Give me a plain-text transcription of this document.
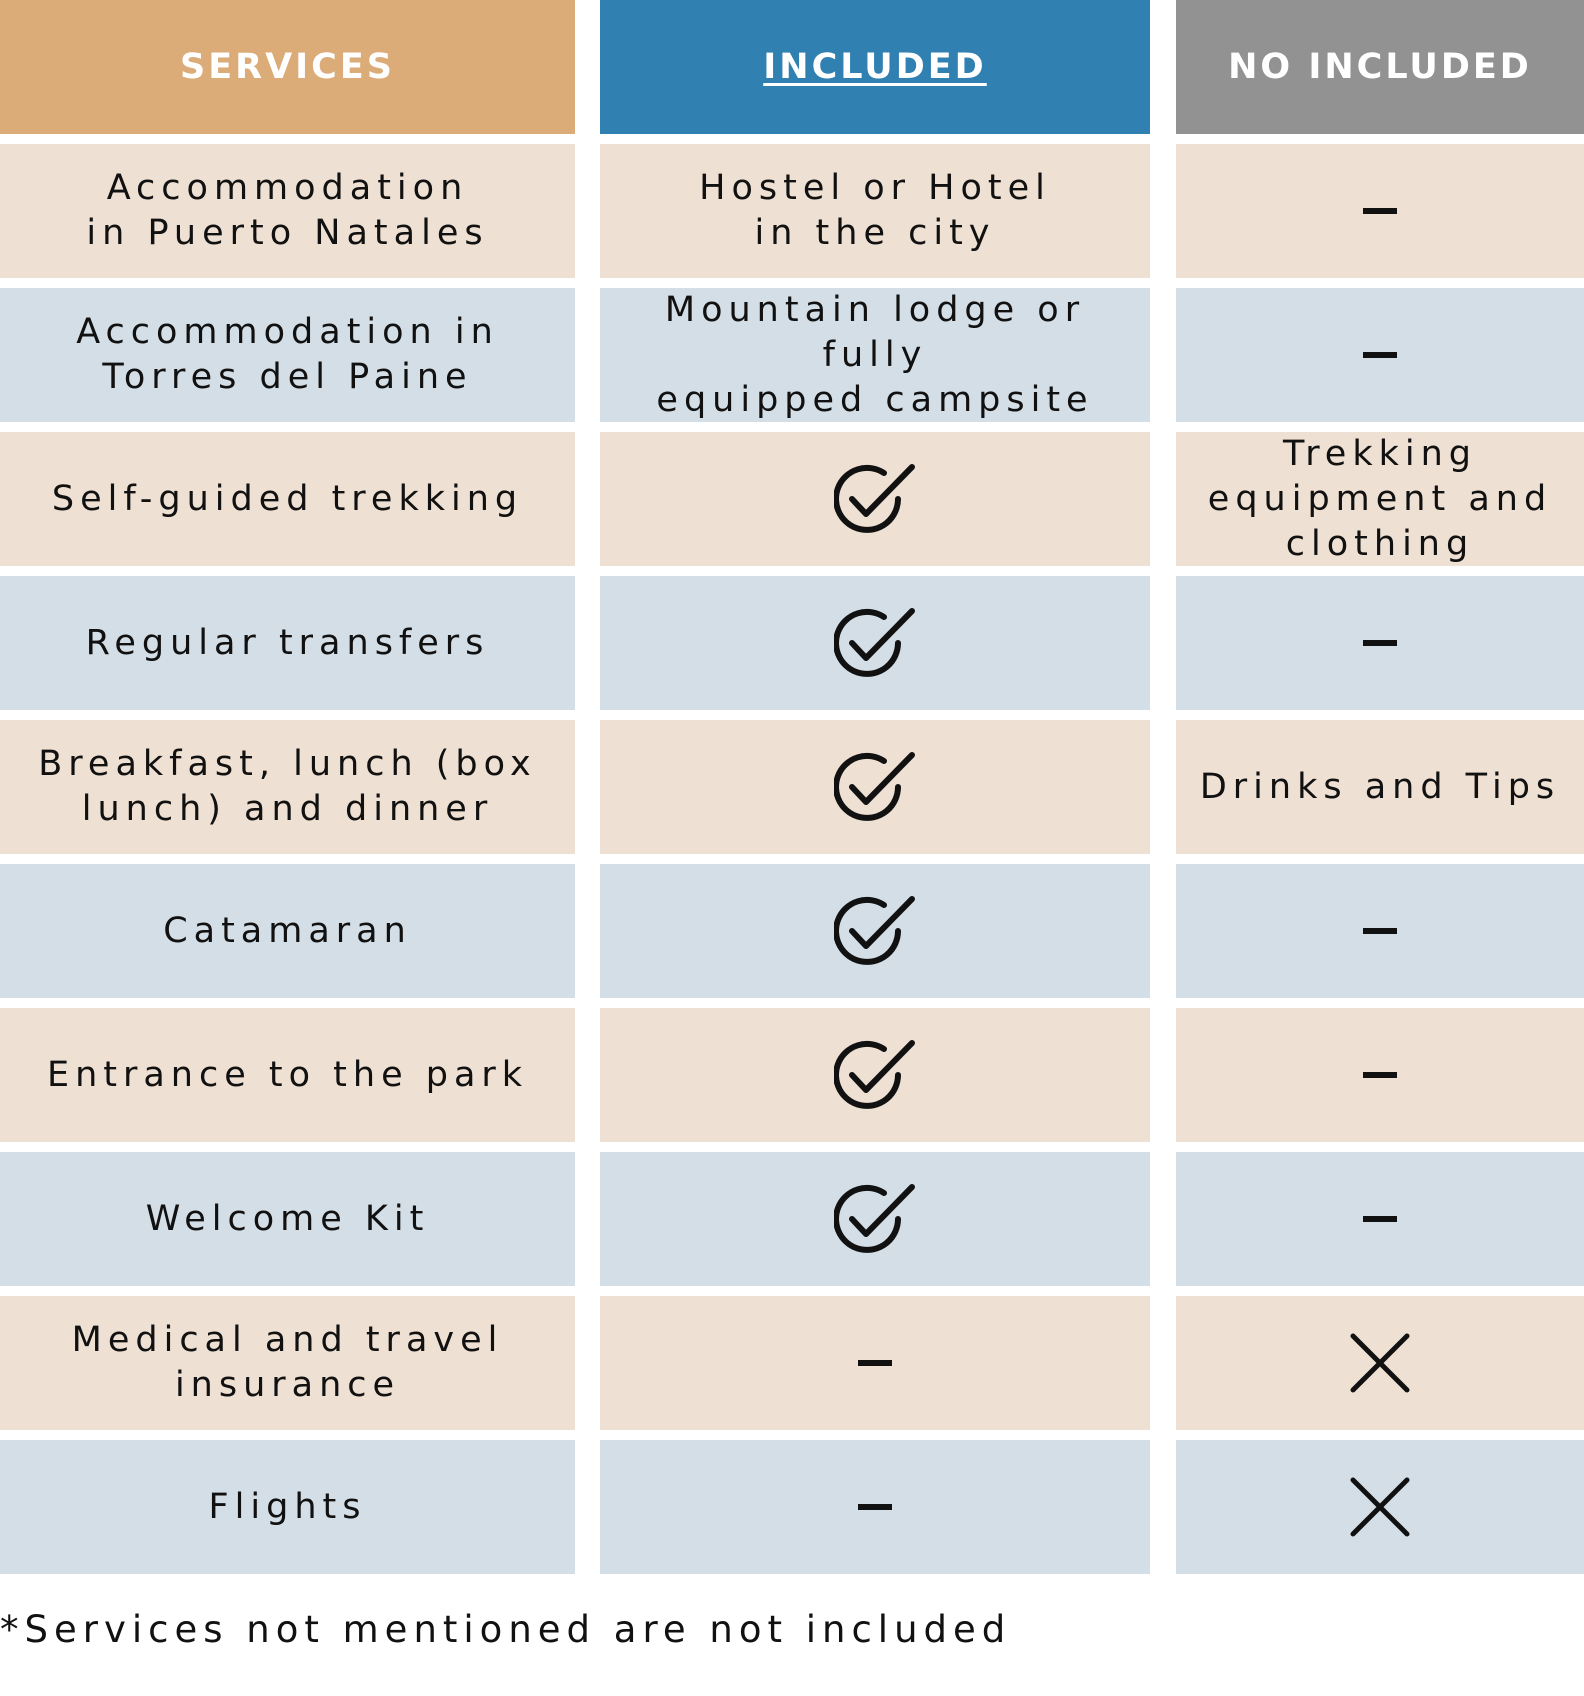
SERVICES	INCLUDED	NO INCLUDED
Accommodation
in Puerto Natales
Hostel or Hotel
in the city
Accommodation in
Torres del Paine
Mountain lodge or fully
equipped campsite
Self-guided trekking
Trekking
equipment and
clothing
Regular transfers
Breakfast, lunch (box
lunch) and dinner
Drinks and Tips
Catamaran
Entrance to the park
Welcome Kit
Medical and travel
insurance
Flights
*Services not mentioned are not included
